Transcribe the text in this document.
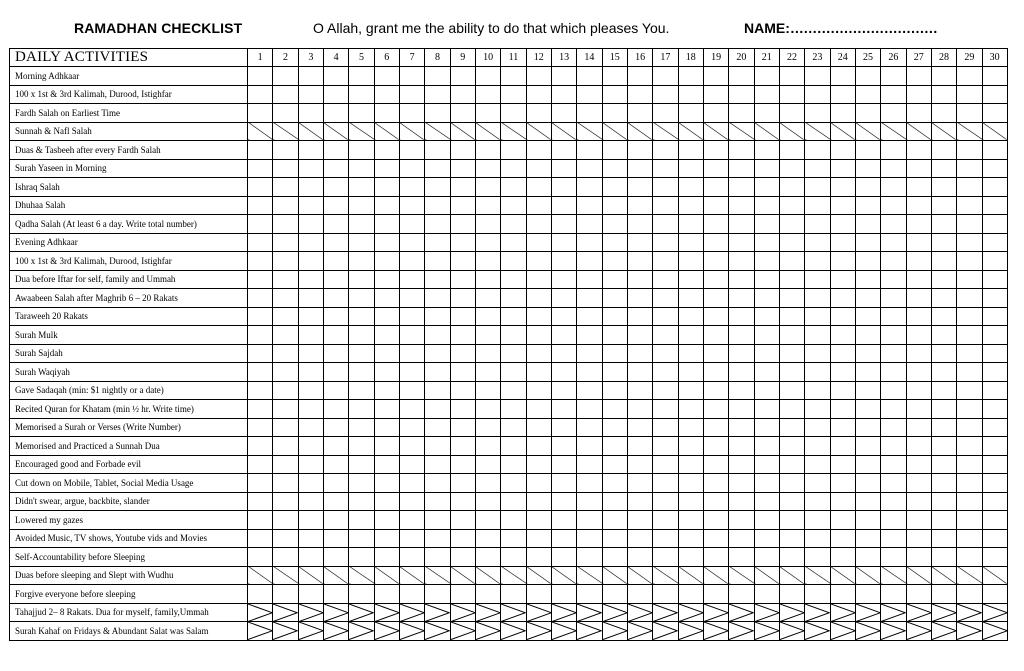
RAMADHAN CHECKLIST	O Allah, grant me the ability to do that which pleases You.	NAME:……………………………
DAILY ACTIVITIES	1	2	3	4	5	6	7	8	9	10	11	12	13	14	15	16	17	18	19	20	21	22	23	24	25	26	27	28	29	30
Morning Adhkaar																														
100 x 1st & 3rd Kalimah, Durood, Istighfar																														
Fardh Salah on Earliest Time																														
Sunnah & Nafl Salah																														
Duas & Tasbeeh after every Fardh Salah																														
Surah Yaseen in Morning																														
Ishraq Salah																														
Dhuhaa Salah																														
Qadha Salah (At least 6 a day. Write total number)																														
Evening Adhkaar																														
100 x 1st & 3rd Kalimah, Durood, Istighfar																														
Dua before Iftar for self, family and Ummah																														
Awaabeen Salah after Maghrib 6 – 20 Rakats																														
Taraweeh 20 Rakats																														
Surah Mulk																														
Surah Sajdah																														
Surah Waqiyah																														
Gave Sadaqah (min: $1 nightly or a date)																														
Recited Quran for Khatam (min ½ hr. Write time)																														
Memorised a Surah or Verses (Write Number)																														
Memorised and Practiced a Sunnah Dua																														
Encouraged good and Forbade evil																														
Cut down on Mobile, Tablet, Social Media Usage																														
Didn't swear, argue, backbite, slander																														
Lowered my gazes																														
Avoided Music, TV shows, Youtube vids and Movies																														
Self-Accountability before Sleeping																														
Duas before sleeping and Slept with Wudhu																														
Forgive everyone before sleeping																														
Tahajjud 2– 8 Rakats. Dua for myself, family,Ummah	

Surah Kahaf on Fridays & Abundant Salat was Salam	
